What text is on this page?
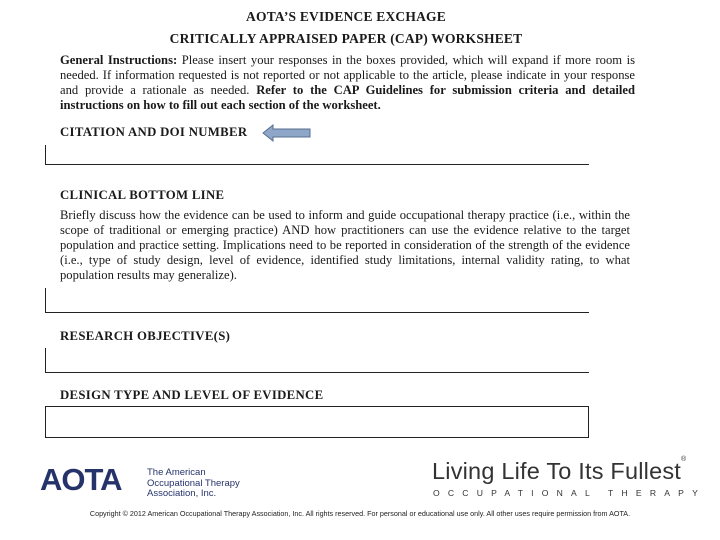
AOTA’S EVIDENCE EXCHAGE
CRITICALLY APPRAISED PAPER (CAP) WORKSHEET
General Instructions: Please insert your responses in the boxes provided, which will expand if more room is needed. If information requested is not reported or not applicable to the article, please indicate in your response and provide a rationale as needed. Refer to the CAP Guidelines for submission criteria and detailed instructions on how to fill out each section of the worksheet.
CITATION AND DOI NUMBER
CLINICAL BOTTOM LINE
Briefly discuss how the evidence can be used to inform and guide occupational therapy practice (i.e., within the scope of traditional or emerging practice) AND how practitioners can use the evidence relative to the target population and practice setting. Implications need to be reported in consideration of the strength of the evidence (i.e., type of study design, level of evidence, identified study limitations, internal validity rating, to what population results may generalize).
RESEARCH OBJECTIVE(S)
DESIGN TYPE AND LEVEL OF EVIDENCE
AOTA	The American Occupational Therapy Association, Inc.
Living Life To Its Fullest®
OCCUPATIONAL THERAPY
Copyright © 2012 American Occupational Therapy Association, Inc. All rights reserved. For personal or educational use only. All other uses require permission from AOTA.
